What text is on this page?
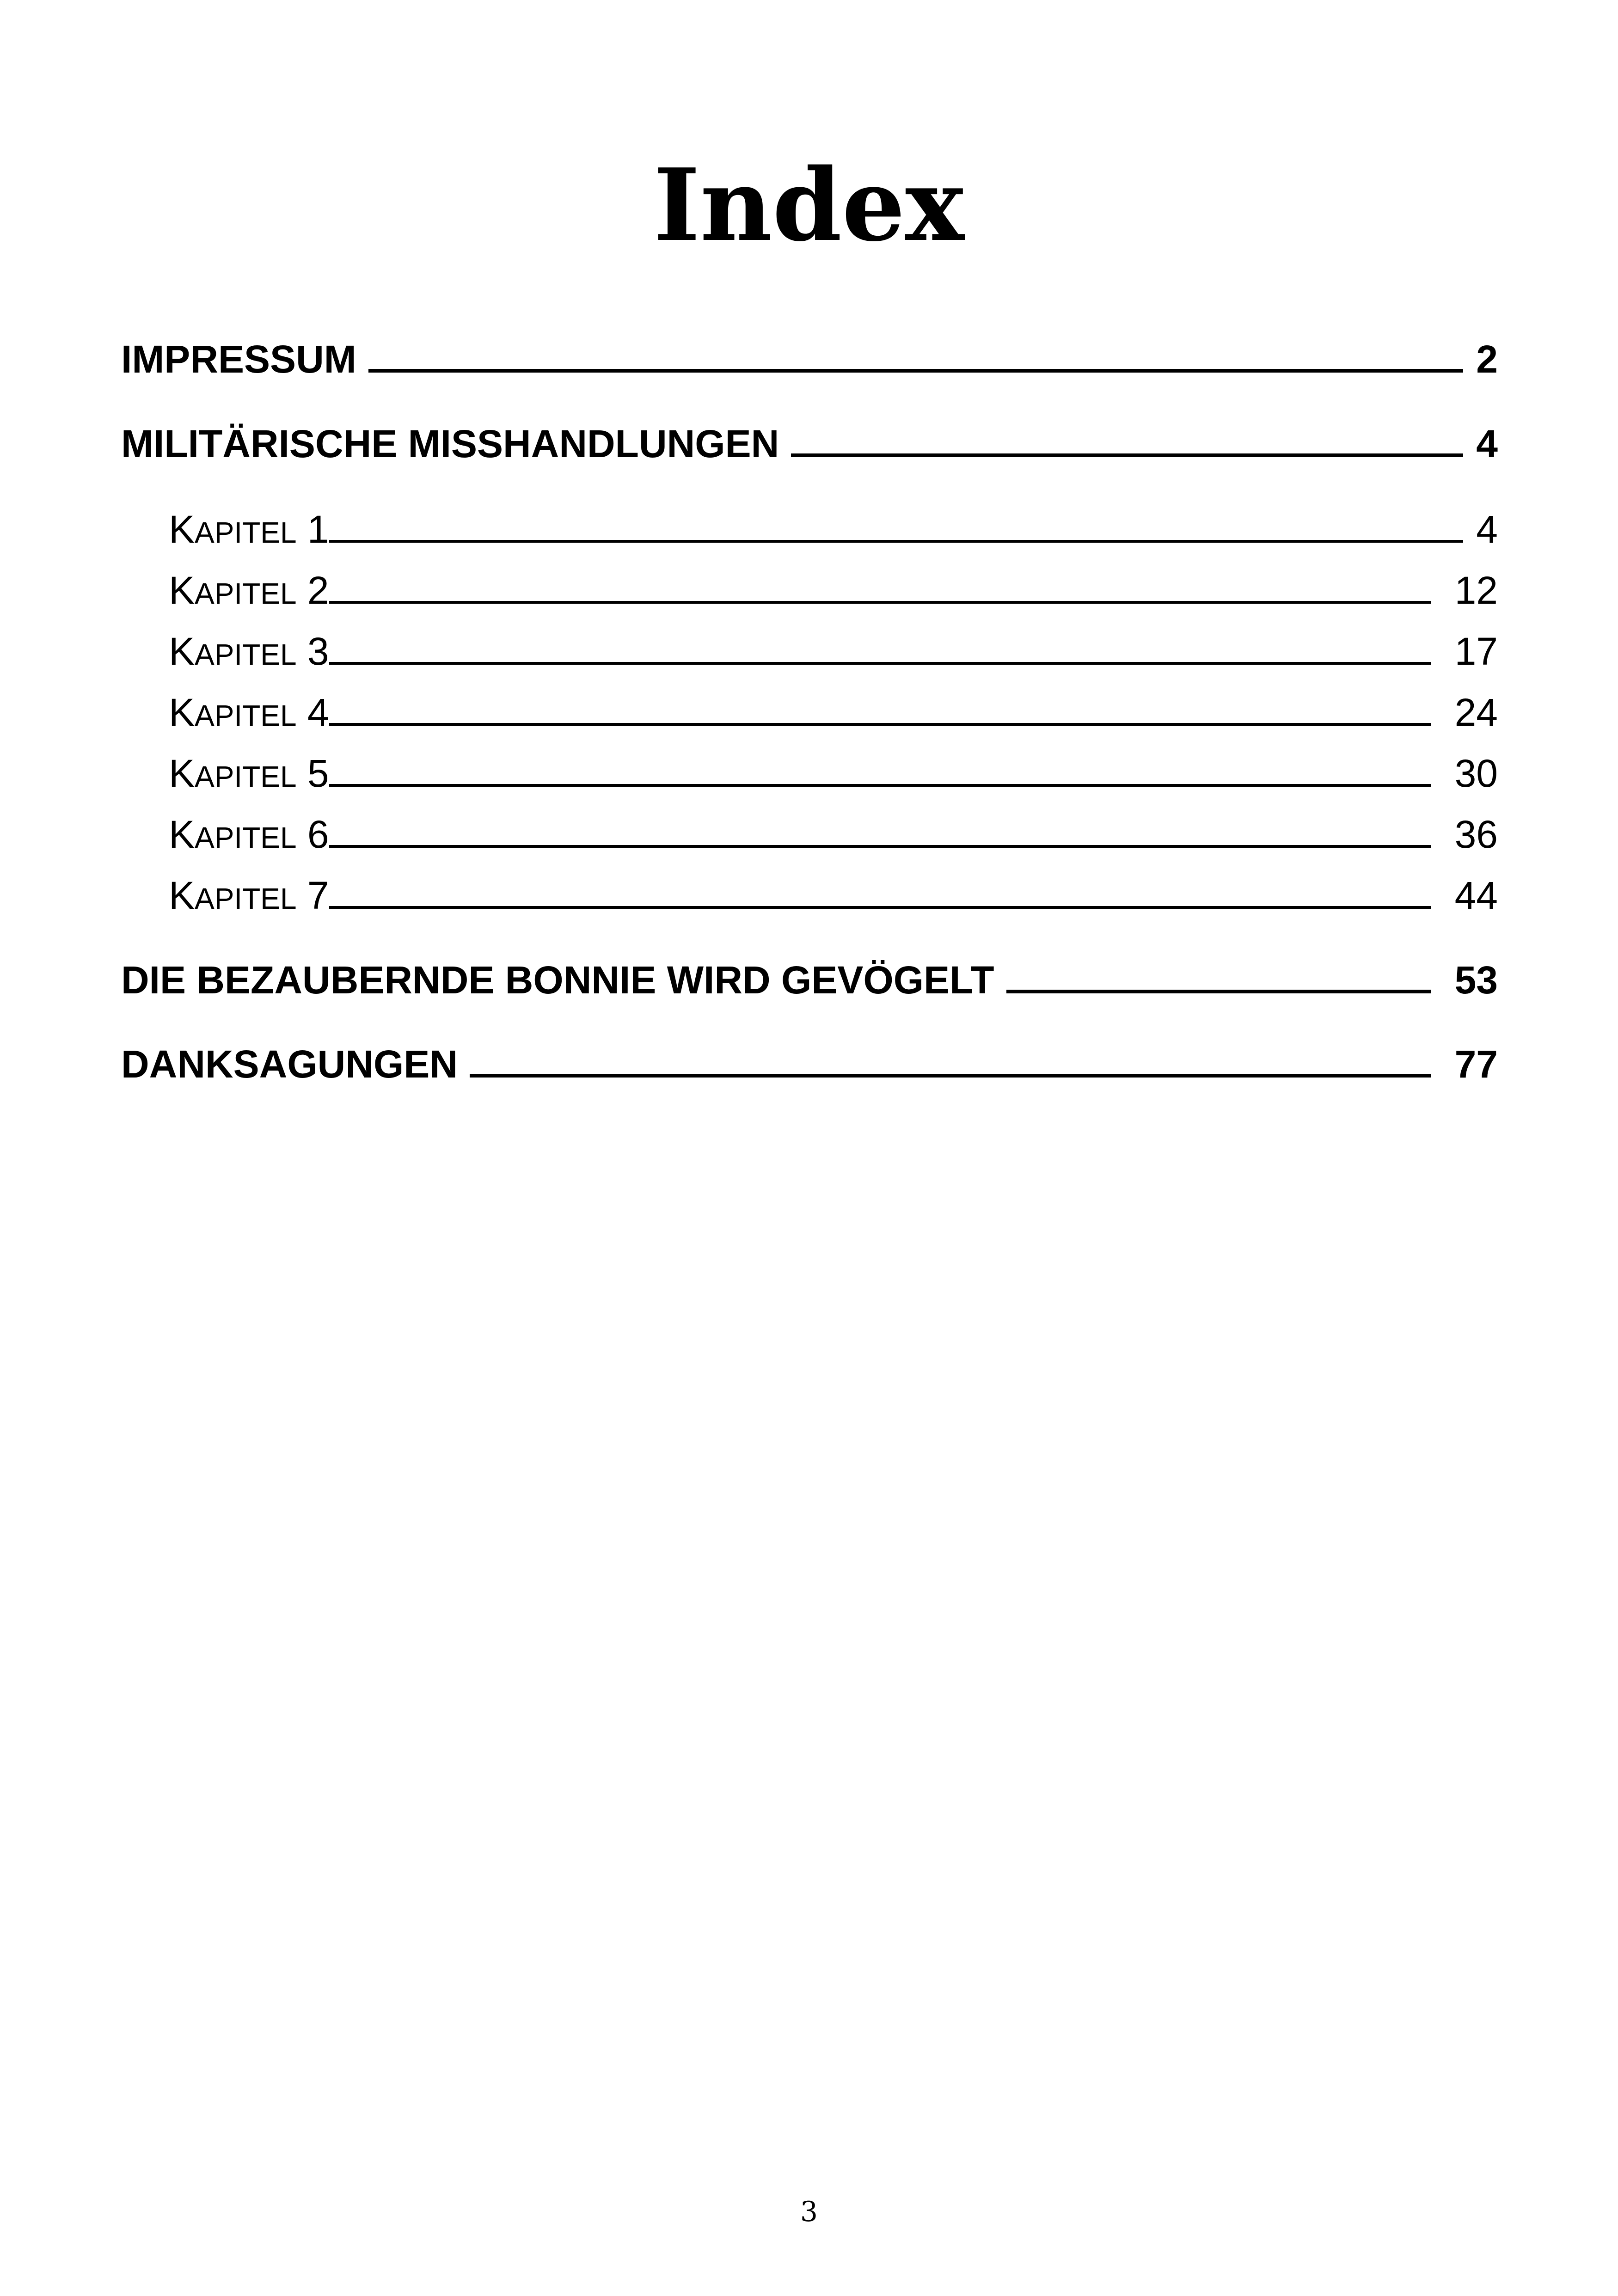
Index
IMPRESSUM	2
MILITÄRISCHE MISSHANDLUNGEN	4
KAPITEL 1	4
KAPITEL 2	12
KAPITEL 3	17
KAPITEL 4	24
KAPITEL 5	30
KAPITEL 6	36
KAPITEL 7	44
DIE BEZAUBERNDE BONNIE WIRD GEVÖGELT	53
DANKSAGUNGEN	77
3
